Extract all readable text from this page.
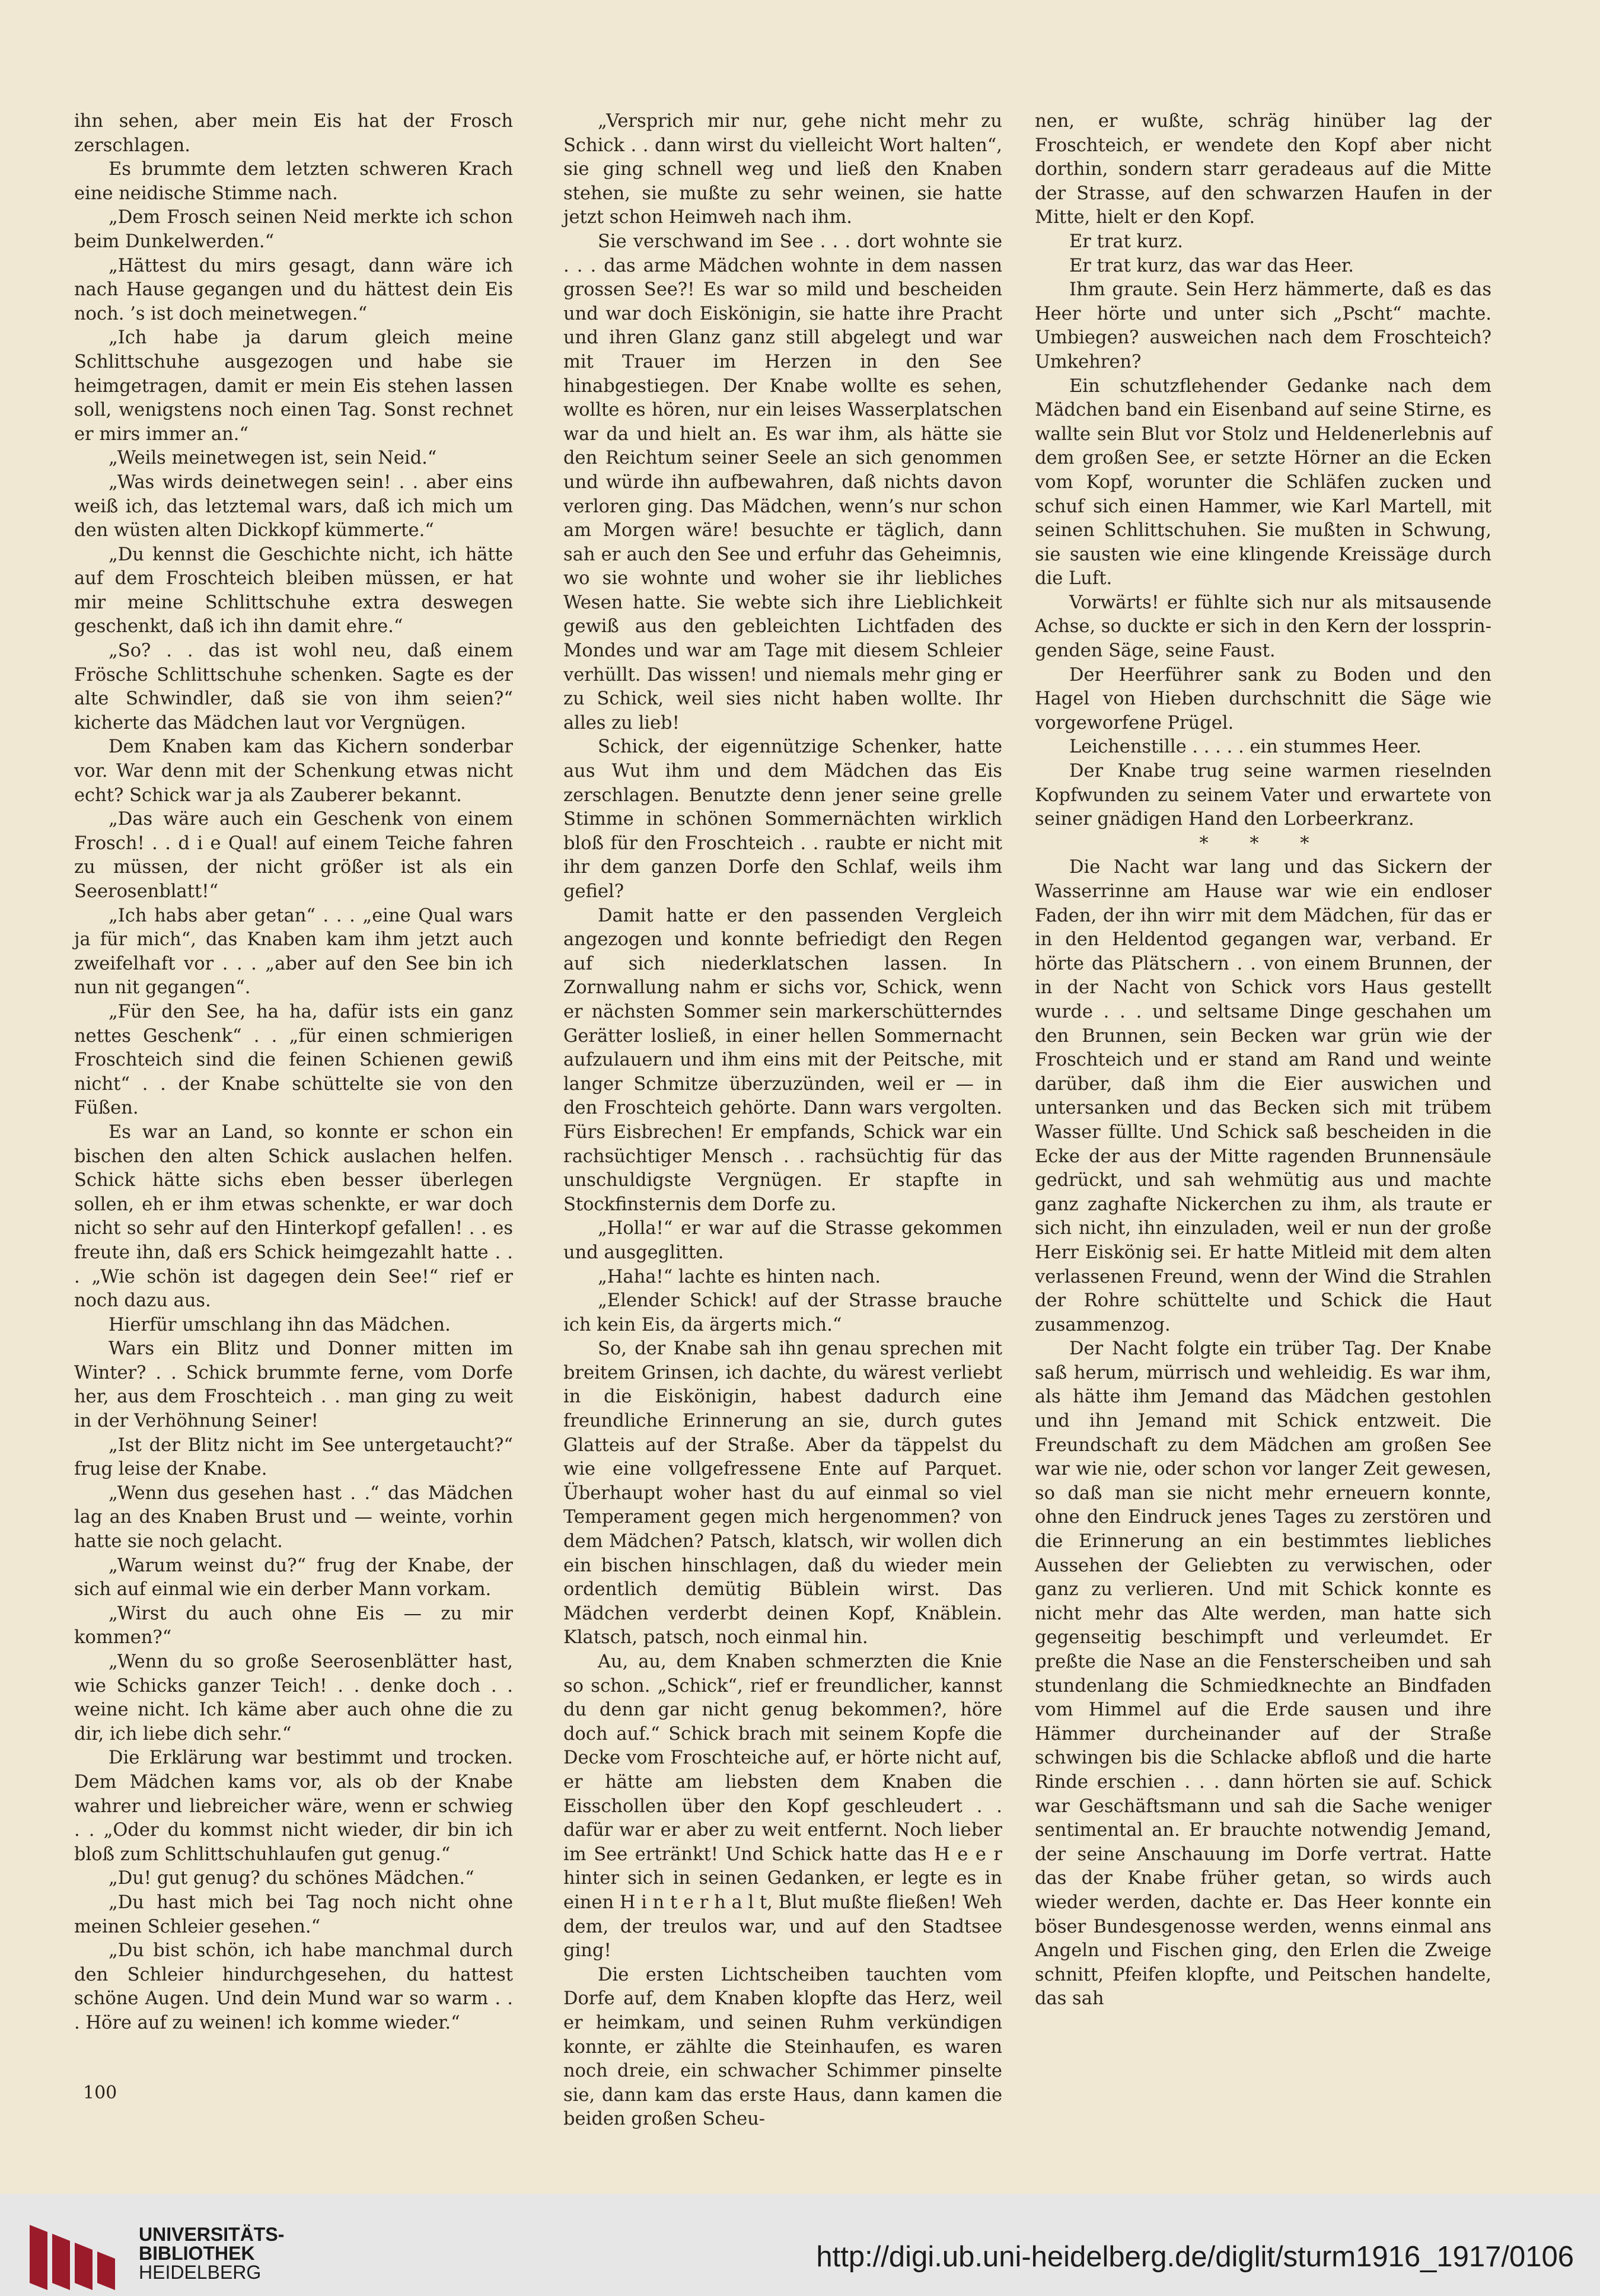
ihn sehen, aber mein Eis hat der Frosch zerschlagen.

Es brummte dem letzten schweren Krach eine neidische Stimme nach.

„Dem Frosch seinen Neid merkte ich schon beim Dunkelwerden.“

„Hättest du mirs gesagt, dann wäre ich nach Hause gegangen und du hättest dein Eis noch. ’s ist doch meinetwegen.“

„Ich habe ja darum gleich meine Schlittschuhe ausgezogen und habe sie heimgetragen, damit er mein Eis stehen lassen soll, wenigstens noch einen Tag. Sonst rechnet er mirs immer an.“

„Weils meinetwegen ist, sein Neid.“

„Was wirds deinetwegen sein! . . aber eins weiß ich, das letztemal wars, daß ich mich um den wüsten alten Dickkopf kümmerte.“

„Du kennst die Geschichte nicht, ich hätte auf dem Froschteich bleiben müssen, er hat mir meine Schlittschuhe extra deswegen geschenkt, daß ich ihn damit ehre.“

„So? . . das ist wohl neu, daß einem Frösche Schlittschuhe schenken. Sagte es der alte Schwindler, daß sie von ihm seien?“ kicherte das Mädchen laut vor Vergnügen.

Dem Knaben kam das Kichern sonderbar vor. War denn mit der Schenkung etwas nicht echt? Schick war ja als Zauberer bekannt.

„Das wäre auch ein Geschenk von einem Frosch! . . d i e Qual! auf einem Teiche fahren zu müssen, der nicht größer ist als ein Seerosenblatt!“

„Ich habs aber getan“ . . . „eine Qual wars ja für mich“, das Knaben kam ihm jetzt auch zweifelhaft vor . . . „aber auf den See bin ich nun nit gegangen“.

„Für den See, ha ha, dafür ists ein ganz nettes Geschenk“ . . „für einen schmierigen Froschteich sind die feinen Schienen gewiß nicht“ . . der Knabe schüttelte sie von den Füßen.

Es war an Land, so konnte er schon ein bischen den alten Schick auslachen helfen. Schick hätte sichs eben besser überlegen sollen, eh er ihm etwas schenkte, er war doch nicht so sehr auf den Hinterkopf gefallen! . . es freute ihn, daß ers Schick heimgezahlt hatte . . . „Wie schön ist dagegen dein See!“ rief er noch dazu aus.

Hierfür umschlang ihn das Mädchen.

Wars ein Blitz und Donner mitten im Winter? . . Schick brummte ferne, vom Dorfe her, aus dem Froschteich . . man ging zu weit in der Verhöhnung Seiner!

„Ist der Blitz nicht im See untergetaucht?“ frug leise der Knabe.

„Wenn dus gesehen hast . .“ das Mädchen lag an des Knaben Brust und — weinte, vorhin hatte sie noch gelacht.

„Warum weinst du?“ frug der Knabe, der sich auf einmal wie ein derber Mann vorkam.

„Wirst du auch ohne Eis — zu mir kommen?“

„Wenn du so große Seerosenblätter hast, wie Schicks ganzer Teich! . . denke doch . . weine nicht. Ich käme aber auch ohne die zu dir, ich liebe dich sehr.“

Die Erklärung war bestimmt und trocken. Dem Mädchen kams vor, als ob der Knabe wahrer und liebreicher wäre, wenn er schwieg . . „Oder du kommst nicht wieder, dir bin ich bloß zum Schlittschuhlaufen gut genug.“

„Du! gut genug? du schönes Mädchen.“

„Du hast mich bei Tag noch nicht ohne meinen Schleier gesehen.“

„Du bist schön, ich habe manchmal durch den Schleier hindurchgesehen, du hattest schöne Augen. Und dein Mund war so warm . . . Höre auf zu weinen! ich komme wieder.“

„Versprich mir nur, gehe nicht mehr zu Schick . . dann wirst du vielleicht Wort halten“, sie ging schnell weg und ließ den Knaben stehen, sie mußte zu sehr weinen, sie hatte jetzt schon Heimweh nach ihm.

Sie verschwand im See . . . dort wohnte sie . . . das arme Mädchen wohnte in dem nassen grossen See?! Es war so mild und bescheiden und war doch Eiskönigin, sie hatte ihre Pracht und ihren Glanz ganz still abgelegt und war mit Trauer im Herzen in den See hinabgestiegen. Der Knabe wollte es sehen, wollte es hören, nur ein leises Wasserplatschen war da und hielt an. Es war ihm, als hätte sie den Reichtum seiner Seele an sich genommen und würde ihn aufbewahren, daß nichts davon verloren ging. Das Mädchen, wenn’s nur schon am Morgen wäre! besuchte er täglich, dann sah er auch den See und erfuhr das Geheimnis, wo sie wohnte und woher sie ihr liebliches Wesen hatte. Sie webte sich ihre Lieblichkeit gewiß aus den gebleichten Lichtfaden des Mondes und war am Tage mit diesem Schleier verhüllt. Das wissen! und niemals mehr ging er zu Schick, weil sies nicht haben wollte. Ihr alles zu lieb!

Schick, der eigennützige Schenker, hatte aus Wut ihm und dem Mädchen das Eis zerschlagen. Benutzte denn jener seine grelle Stimme in schönen Sommernächten wirklich bloß für den Froschteich . . raubte er nicht mit ihr dem ganzen Dorfe den Schlaf, weils ihm gefiel?

Damit hatte er den passenden Vergleich angezogen und konnte befriedigt den Regen auf sich niederklatschen lassen. In Zornwallung nahm er sichs vor, Schick, wenn er nächsten Sommer sein markerschütterndes Gerätter losließ, in einer hellen Sommernacht aufzulauern und ihm eins mit der Peitsche, mit langer Schmitze überzuzünden, weil er — in den Froschteich gehörte. Dann wars vergolten. Fürs Eisbrechen! Er empfands, Schick war ein rachsüchtiger Mensch . . rachsüchtig für das unschuldigste Vergnügen. Er stapfte in Stockfinsternis dem Dorfe zu.

„Holla!“ er war auf die Strasse gekommen und ausgeglitten.

„Haha!“ lachte es hinten nach.

„Elender Schick! auf der Strasse brauche ich kein Eis, da ärgerts mich.“

So, der Knabe sah ihn genau sprechen mit breitem Grinsen, ich dachte, du wärest verliebt in die Eiskönigin, habest dadurch eine freundliche Erinnerung an sie, durch gutes Glatteis auf der Straße. Aber da täppelst du wie eine vollgefressene Ente auf Parquet. Überhaupt woher hast du auf einmal so viel Temperament gegen mich hergenommen? von dem Mädchen? Patsch, klatsch, wir wollen dich ein bischen hinschlagen, daß du wieder mein ordentlich demütig Büblein wirst. Das Mädchen verderbt deinen Kopf, Knäblein. Klatsch, patsch, noch einmal hin.

Au, au, dem Knaben schmerzten die Knie so schon. „Schick“, rief er freundlicher, kannst du denn gar nicht genug bekommen?, höre doch auf.“ Schick brach mit seinem Kopfe die Decke vom Froschteiche auf, er hörte nicht auf, er hätte am liebsten dem Knaben die Eisschollen über den Kopf geschleudert . . dafür war er aber zu weit entfernt. Noch lieber im See ertränkt! Und Schick hatte das H e e r hinter sich in seinen Gedanken, er legte es in einen H i n t e r h a l t, Blut mußte fließen! Weh dem, der treulos war, und auf den Stadtsee ging!

Die ersten Lichtscheiben tauchten vom Dorfe auf, dem Knaben klopfte das Herz, weil er heimkam, und seinen Ruhm verkündigen konnte, er zählte die Steinhaufen, es waren noch dreie, ein schwacher Schimmer pinselte sie, dann kam das erste Haus, dann kamen die beiden großen Scheu-

nen, er wußte, schräg hinüber lag der Froschteich, er wendete den Kopf aber nicht dorthin, sondern starr geradeaus auf die Mitte der Strasse, auf den schwarzen Haufen in der Mitte, hielt er den Kopf.

Er trat kurz.

Er trat kurz, das war das Heer.

Ihm graute. Sein Herz hämmerte, daß es das Heer hörte und unter sich „Pscht“ machte. Umbiegen? ausweichen nach dem Froschteich? Umkehren?

Ein schutzflehender Gedanke nach dem Mädchen band ein Eisenband auf seine Stirne, es wallte sein Blut vor Stolz und Heldenerlebnis auf dem großen See, er setzte Hörner an die Ecken vom Kopf, worunter die Schläfen zucken und schuf sich einen Hammer, wie Karl Martell, mit seinen Schlittschuhen. Sie mußten in Schwung, sie sausten wie eine klingende Kreissäge durch die Luft.

Vorwärts! er fühlte sich nur als mitsausende Achse, so duckte er sich in den Kern der losspringenden Säge, seine Faust.

Der Heerführer sank zu Boden und den Hagel von Hieben durchschnitt die Säge wie vorgeworfene Prügel.

Leichenstille . . . . . ein stummes Heer.

Der Knabe trug seine warmen rieselnden Kopfwunden zu seinem Vater und erwartete von seiner gnädigen Hand den Lorbeerkranz.

* * *

Die Nacht war lang und das Sickern der Wasserrinne am Hause war wie ein endloser Faden, der ihn wirr mit dem Mädchen, für das er in den Heldentod gegangen war, verband. Er hörte das Plätschern . . von einem Brunnen, der in der Nacht von Schick vors Haus gestellt wurde . . . und seltsame Dinge geschahen um den Brunnen, sein Becken war grün wie der Froschteich und er stand am Rand und weinte darüber, daß ihm die Eier auswichen und untersanken und das Becken sich mit trübem Wasser füllte. Und Schick saß bescheiden in die Ecke der aus der Mitte ragenden Brunnensäule gedrückt, und sah wehmütig aus und machte ganz zaghafte Nickerchen zu ihm, als traute er sich nicht, ihn einzuladen, weil er nun der große Herr Eiskönig sei. Er hatte Mitleid mit dem alten verlassenen Freund, wenn der Wind die Strahlen der Rohre schüttelte und Schick die Haut zusammenzog.

Der Nacht folgte ein trüber Tag. Der Knabe saß herum, mürrisch und wehleidig. Es war ihm, als hätte ihm Jemand das Mädchen gestohlen und ihn Jemand mit Schick entzweit. Die Freundschaft zu dem Mädchen am großen See war wie nie, oder schon vor langer Zeit gewesen, so daß man sie nicht mehr erneuern konnte, ohne den Eindruck jenes Tages zu zerstören und die Erinnerung an ein bestimmtes liebliches Aussehen der Geliebten zu verwischen, oder ganz zu verlieren. Und mit Schick konnte es nicht mehr das Alte werden, man hatte sich gegenseitig beschimpft und verleumdet. Er preßte die Nase an die Fensterscheiben und sah stundenlang die Schmiedknechte an Bindfaden vom Himmel auf die Erde sausen und ihre Hämmer durcheinander auf der Straße schwingen bis die Schlacke abfloß und die harte Rinde erschien . . . dann hörten sie auf. Schick war Geschäftsmann und sah die Sache weniger sentimental an. Er brauchte notwendig Jemand, der seine Anschauung im Dorfe vertrat. Hatte das der Knabe früher getan, so wirds auch wieder werden, dachte er. Das Heer konnte ein böser Bundesgenosse werden, wenns einmal ans Angeln und Fischen ging, den Erlen die Zweige schnitt, Pfeifen klopfte, und Peitschen handelte, das sah

100
UNIVERSITÄTS-
BIBLIOTHEK
HEIDELBERG	http://digi.ub.uni-heidelberg.de/diglit/sturm1916_1917/0106
